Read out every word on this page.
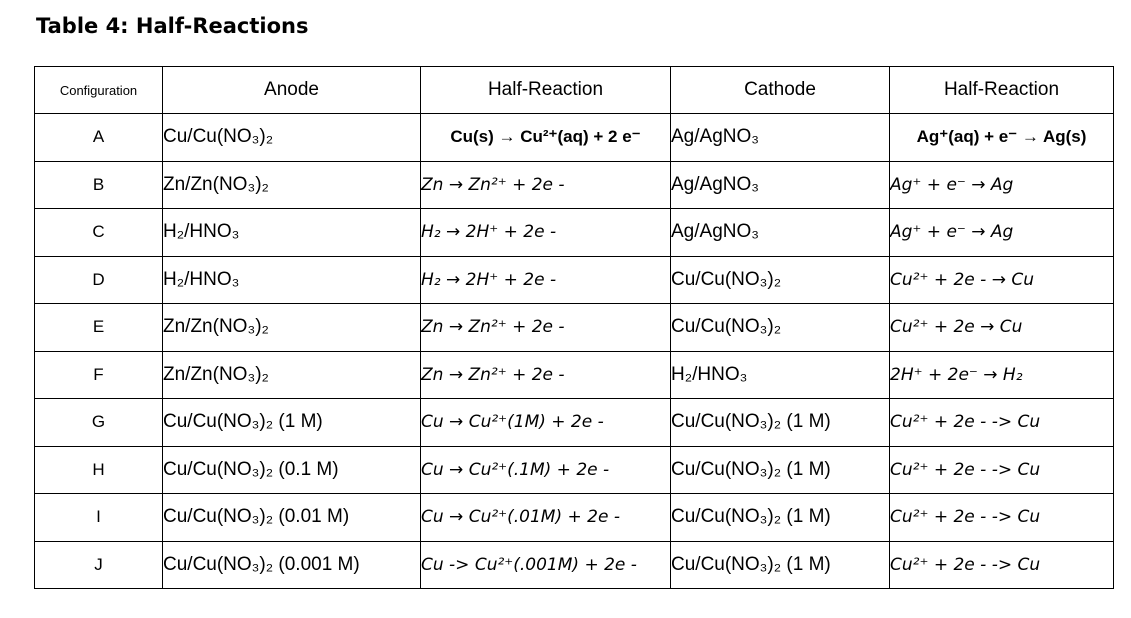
Table 4: Half-Reactions
Configuration	Anode	Half-Reaction	Cathode	Half-Reaction
A	Cu/Cu(NO₃)₂	Cu(s) → Cu²⁺(aq) + 2 e⁻	Ag/AgNO₃	Ag⁺(aq) + e⁻ → Ag(s)
B	Zn/Zn(NO₃)₂	Zn → Zn²⁺ + 2e -	Ag/AgNO₃	Ag⁺ + e⁻ → Ag
C	H₂/HNO₃	H₂ → 2H⁺ + 2e -	Ag/AgNO₃	Ag⁺ + e⁻ → Ag
D	H₂/HNO₃	H₂ → 2H⁺ + 2e -	Cu/Cu(NO₃)₂	Cu²⁺ + 2e - → Cu
E	Zn/Zn(NO₃)₂	Zn → Zn²⁺ + 2e -	Cu/Cu(NO₃)₂	Cu²⁺ + 2e → Cu
F	Zn/Zn(NO₃)₂	Zn → Zn²⁺ + 2e -	H₂/HNO₃	2H⁺ + 2e⁻ → H₂
G	Cu/Cu(NO₃)₂ (1 M)	Cu → Cu²⁺(1M) + 2e -	Cu/Cu(NO₃)₂ (1 M)	Cu²⁺ + 2e - -> Cu
H	Cu/Cu(NO₃)₂ (0.1 M)	Cu → Cu²⁺(.1M) + 2e -	Cu/Cu(NO₃)₂ (1 M)	Cu²⁺ + 2e - -> Cu
I	Cu/Cu(NO₃)₂ (0.01 M)	Cu → Cu²⁺(.01M) + 2e -	Cu/Cu(NO₃)₂ (1 M)	Cu²⁺ + 2e - -> Cu
J	Cu/Cu(NO₃)₂ (0.001 M)	Cu -> Cu²⁺(.001M) + 2e -	Cu/Cu(NO₃)₂ (1 M)	Cu²⁺ + 2e - -> Cu
